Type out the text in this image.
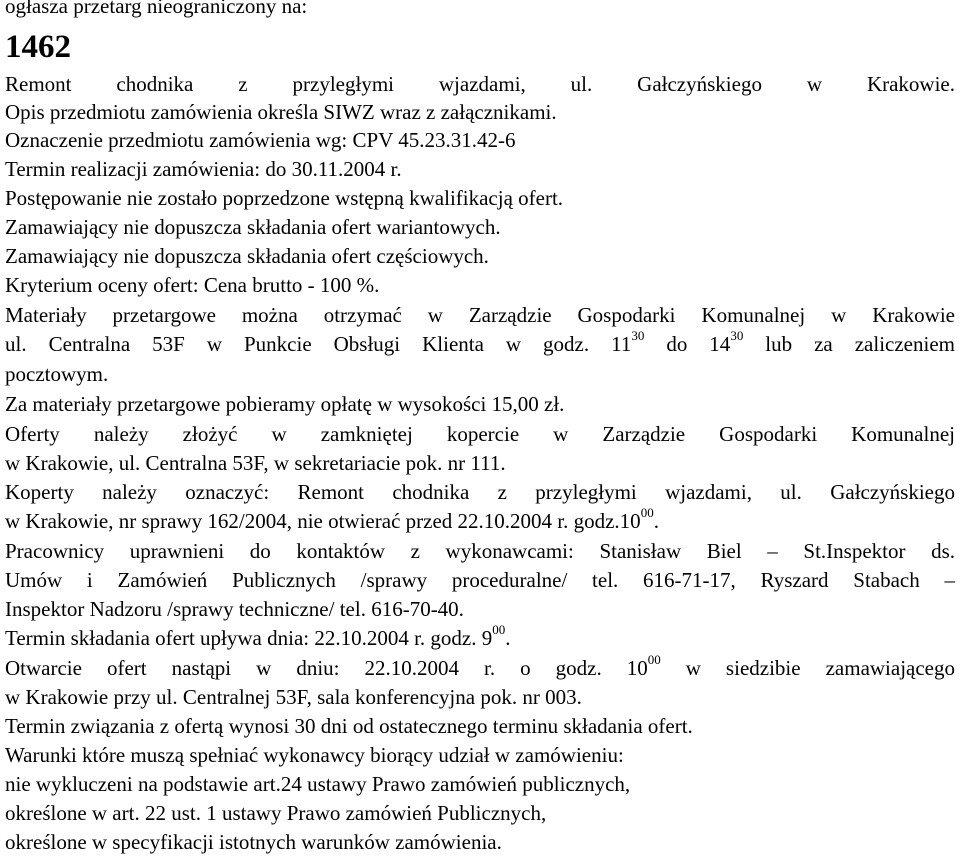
ogłasza przetarg nieograniczony na:
1462
Remont chodnika z przyległymi wjazdami, ul. Gałczyńskiego w Krakowie.
Opis przedmiotu zamówienia określa SIWZ wraz z załącznikami.
Oznaczenie przedmiotu zamówienia wg: CPV 45.23.31.42-6
Termin realizacji zamówienia: do 30.11.2004 r.
Postępowanie nie zostało poprzedzone wstępną kwalifikacją ofert.
Zamawiający nie dopuszcza składania ofert wariantowych.
Zamawiający nie dopuszcza składania ofert częściowych.
Kryterium oceny ofert: Cena brutto - 100 %.
Materiały przetargowe można otrzymać w Zarządzie Gospodarki Komunalnej w Krakowie
ul. Centralna 53F w Punkcie Obsługi Klienta w godz. $11^{30}$ do $14^{30}$ lub za zaliczeniem
pocztowym.
Za materiały przetargowe pobieramy opłatę w wysokości 15,00 zł.
Oferty należy złożyć w zamkniętej kopercie w Zarządzie Gospodarki Komunalnej
w Krakowie, ul. Centralna 53F, w sekretariacie pok. nr 111.
Koperty należy oznaczyć: Remont chodnika z przyległymi wjazdami, ul. Gałczyńskiego
w Krakowie, nr sprawy 162/2004, nie otwierać przed 22.10.2004 r. $godz.10^{00}$.
Pracownicy uprawnieni do kontaktów z wykonawcami: Stanisław Biel – St.Inspektor ds.
Umów i Zamówień Publicznych /sprawy proceduralne/ tel. 616-71-17, Ryszard Stabach –
Inspektor Nadzoru /sprawy techniczne/ tel. 616-70-40.
Termin składania ofert upływa dnia: 22.10.2004 r. godz. $9^{00}$.
Otwarcie ofert nastąpi w dniu: 22.10.2004 r. o godz. $10^{00}$ w siedzibie zamawiającego
w Krakowie przy ul. Centralnej 53F, sala konferencyjna pok. nr 003.
Termin związania z ofertą wynosi 30 dni od ostatecznego terminu składania ofert.
Warunki które muszą spełniać wykonawcy biorący udział w zamówieniu:
nie wykluczeni na podstawie art.24 ustawy Prawo zamówień publicznych,
określone w art. 22 ust. 1 ustawy Prawo zamówień Publicznych,
określone w specyfikacji istotnych warunków zamówienia.
